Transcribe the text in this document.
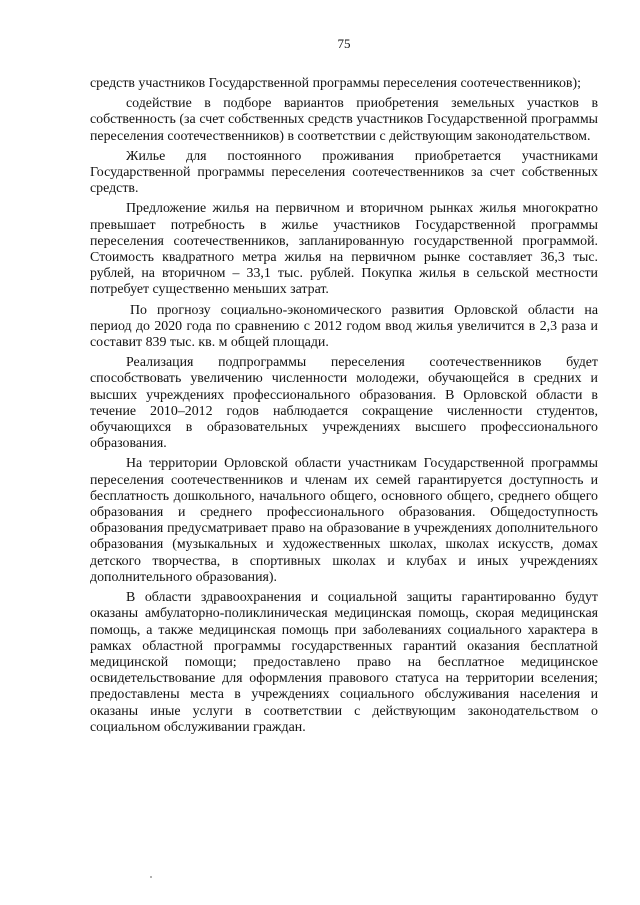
75

средств участников Государственной программы переселения соотечественников);

содействие в подборе вариантов приобретения земельных участков в собственность (за счет собственных средств участников Государственной программы переселения соотечественников) в соответствии с действующим законодательством.

Жилье для постоянного проживания приобретается участниками Государственной программы переселения соотечественников за счет собственных средств.

Предложение жилья на первичном и вторичном рынках жилья многократно превышает потребность в жилье участников Государственной программы переселения соотечественников, запланированную государственной программой. Стоимость квадратного метра жилья на первичном рынке составляет 36,3 тыс. рублей, на вторичном – 33,1 тыс. рублей. Покупка жилья в сельской местности потребует существенно меньших затрат.

По прогнозу социально-экономического развития Орловской области на период до 2020 года по сравнению с 2012 годом ввод жилья увеличится в 2,3 раза и составит 839 тыс. кв. м общей площади.

Реализация подпрограммы переселения соотечественников будет способствовать увеличению численности молодежи, обучающейся в средних и высших учреждениях профессионального образования. В Орловской области в течение 2010–2012 годов наблюдается сокращение численности студентов, обучающихся в образовательных учреждениях высшего профессионального образования.

На территории Орловской области участникам Государственной программы переселения соотечественников и членам их семей гарантируется доступность и бесплатность дошкольного, начального общего, основного общего, среднего общего образования и среднего профессионального образования. Общедоступность образования предусматривает право на образование в учреждениях дополнительного образования (музыкальных и художественных школах, школах искусств, домах детского творчества, в спортивных школах и клубах и иных учреждениях дополнительного образования).

В области здравоохранения и социальной защиты гарантированно будут оказаны амбулаторно-поликлиническая медицинская помощь, скорая медицинская помощь, а также медицинская помощь при заболеваниях социального характера в рамках областной программы государственных гарантий оказания бесплатной медицинской помощи; предоставлено право на бесплатное медицинское освидетельствование для оформления правового статуса на территории вселения; предоставлены места в учреждениях социального обслуживания населения и оказаны иные услуги в соответствии с действующим законодательством о социальном обслуживании граждан.
